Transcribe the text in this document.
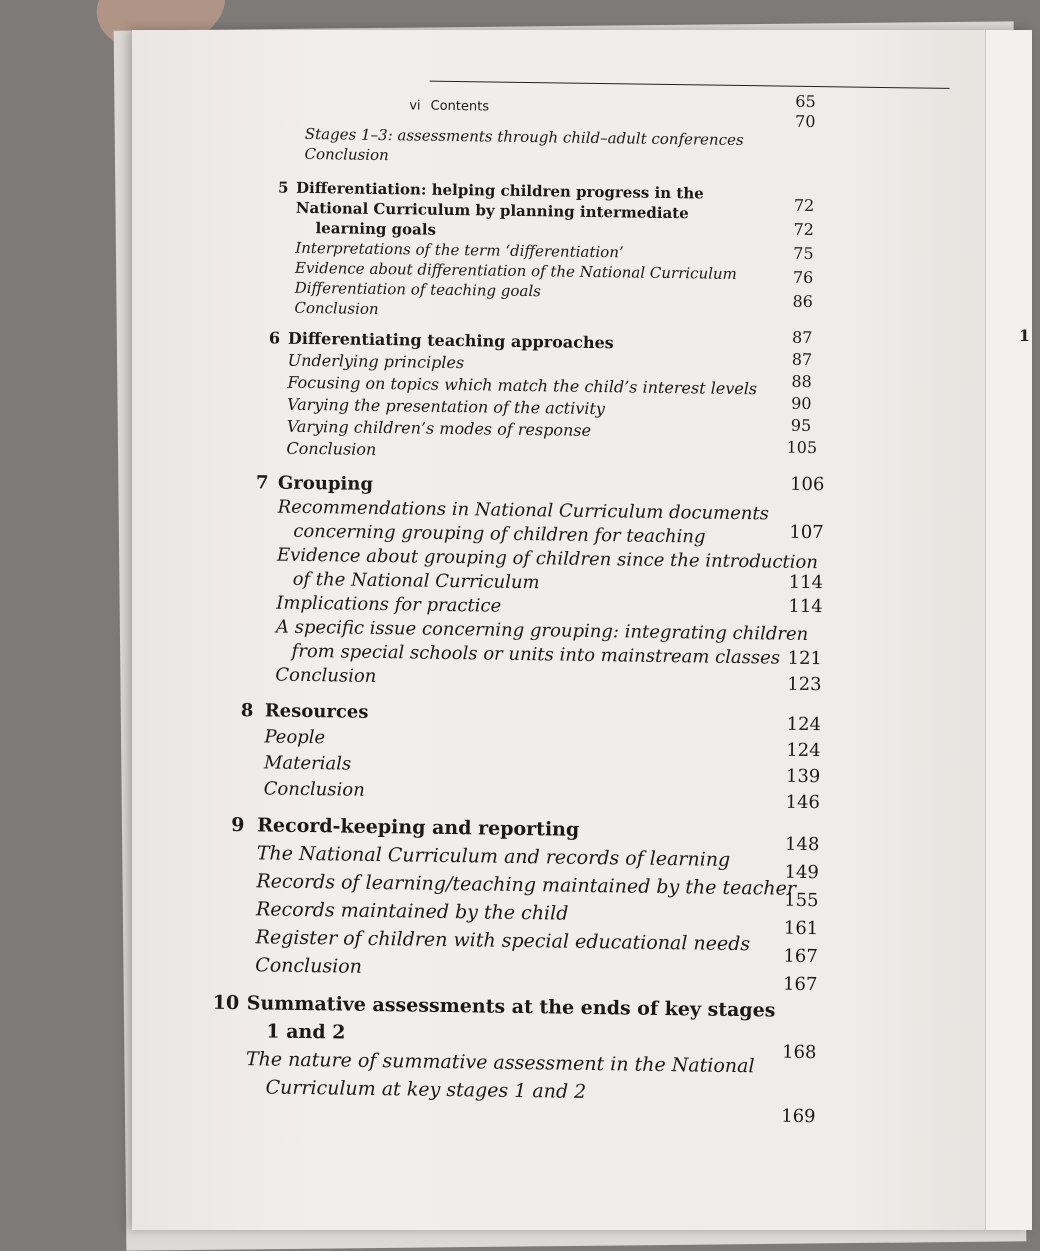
1
vi Contents
Stages 1–3: assessments through child–adult conferences
Conclusion
5 Differentiation: helping children progress in the
National Curriculum by planning intermediate
learning goals
Interpretations of the term ‘differentiation’
Evidence about differentiation of the National Curriculum
Differentiation of teaching goals
Conclusion
6 Differentiating teaching approaches
Underlying principles
Focusing on topics which match the child’s interest levels
Varying the presentation of the activity
Varying children’s modes of response
Conclusion
7 Grouping
Recommendations in National Curriculum documents
concerning grouping of children for teaching
Evidence about grouping of children since the introduction
of the National Curriculum
Implications for practice
A specific issue concerning grouping: integrating children
from special schools or units into mainstream classes
Conclusion
8 Resources
People
Materials
Conclusion
9 Record-keeping and reporting
The National Curriculum and records of learning
Records of learning/teaching maintained by the teacher
Records maintained by the child
Register of children with special educational needs
Conclusion
10 Summative assessments at the ends of key stages
1 and 2
The nature of summative assessment in the National
Curriculum at key stages 1 and 2
65
70
72
72
75
76
86
87
87
88
90
95
105
106
107
114
114
121
123
124
124
139
146
148
149
155
161
167
167
168
169
